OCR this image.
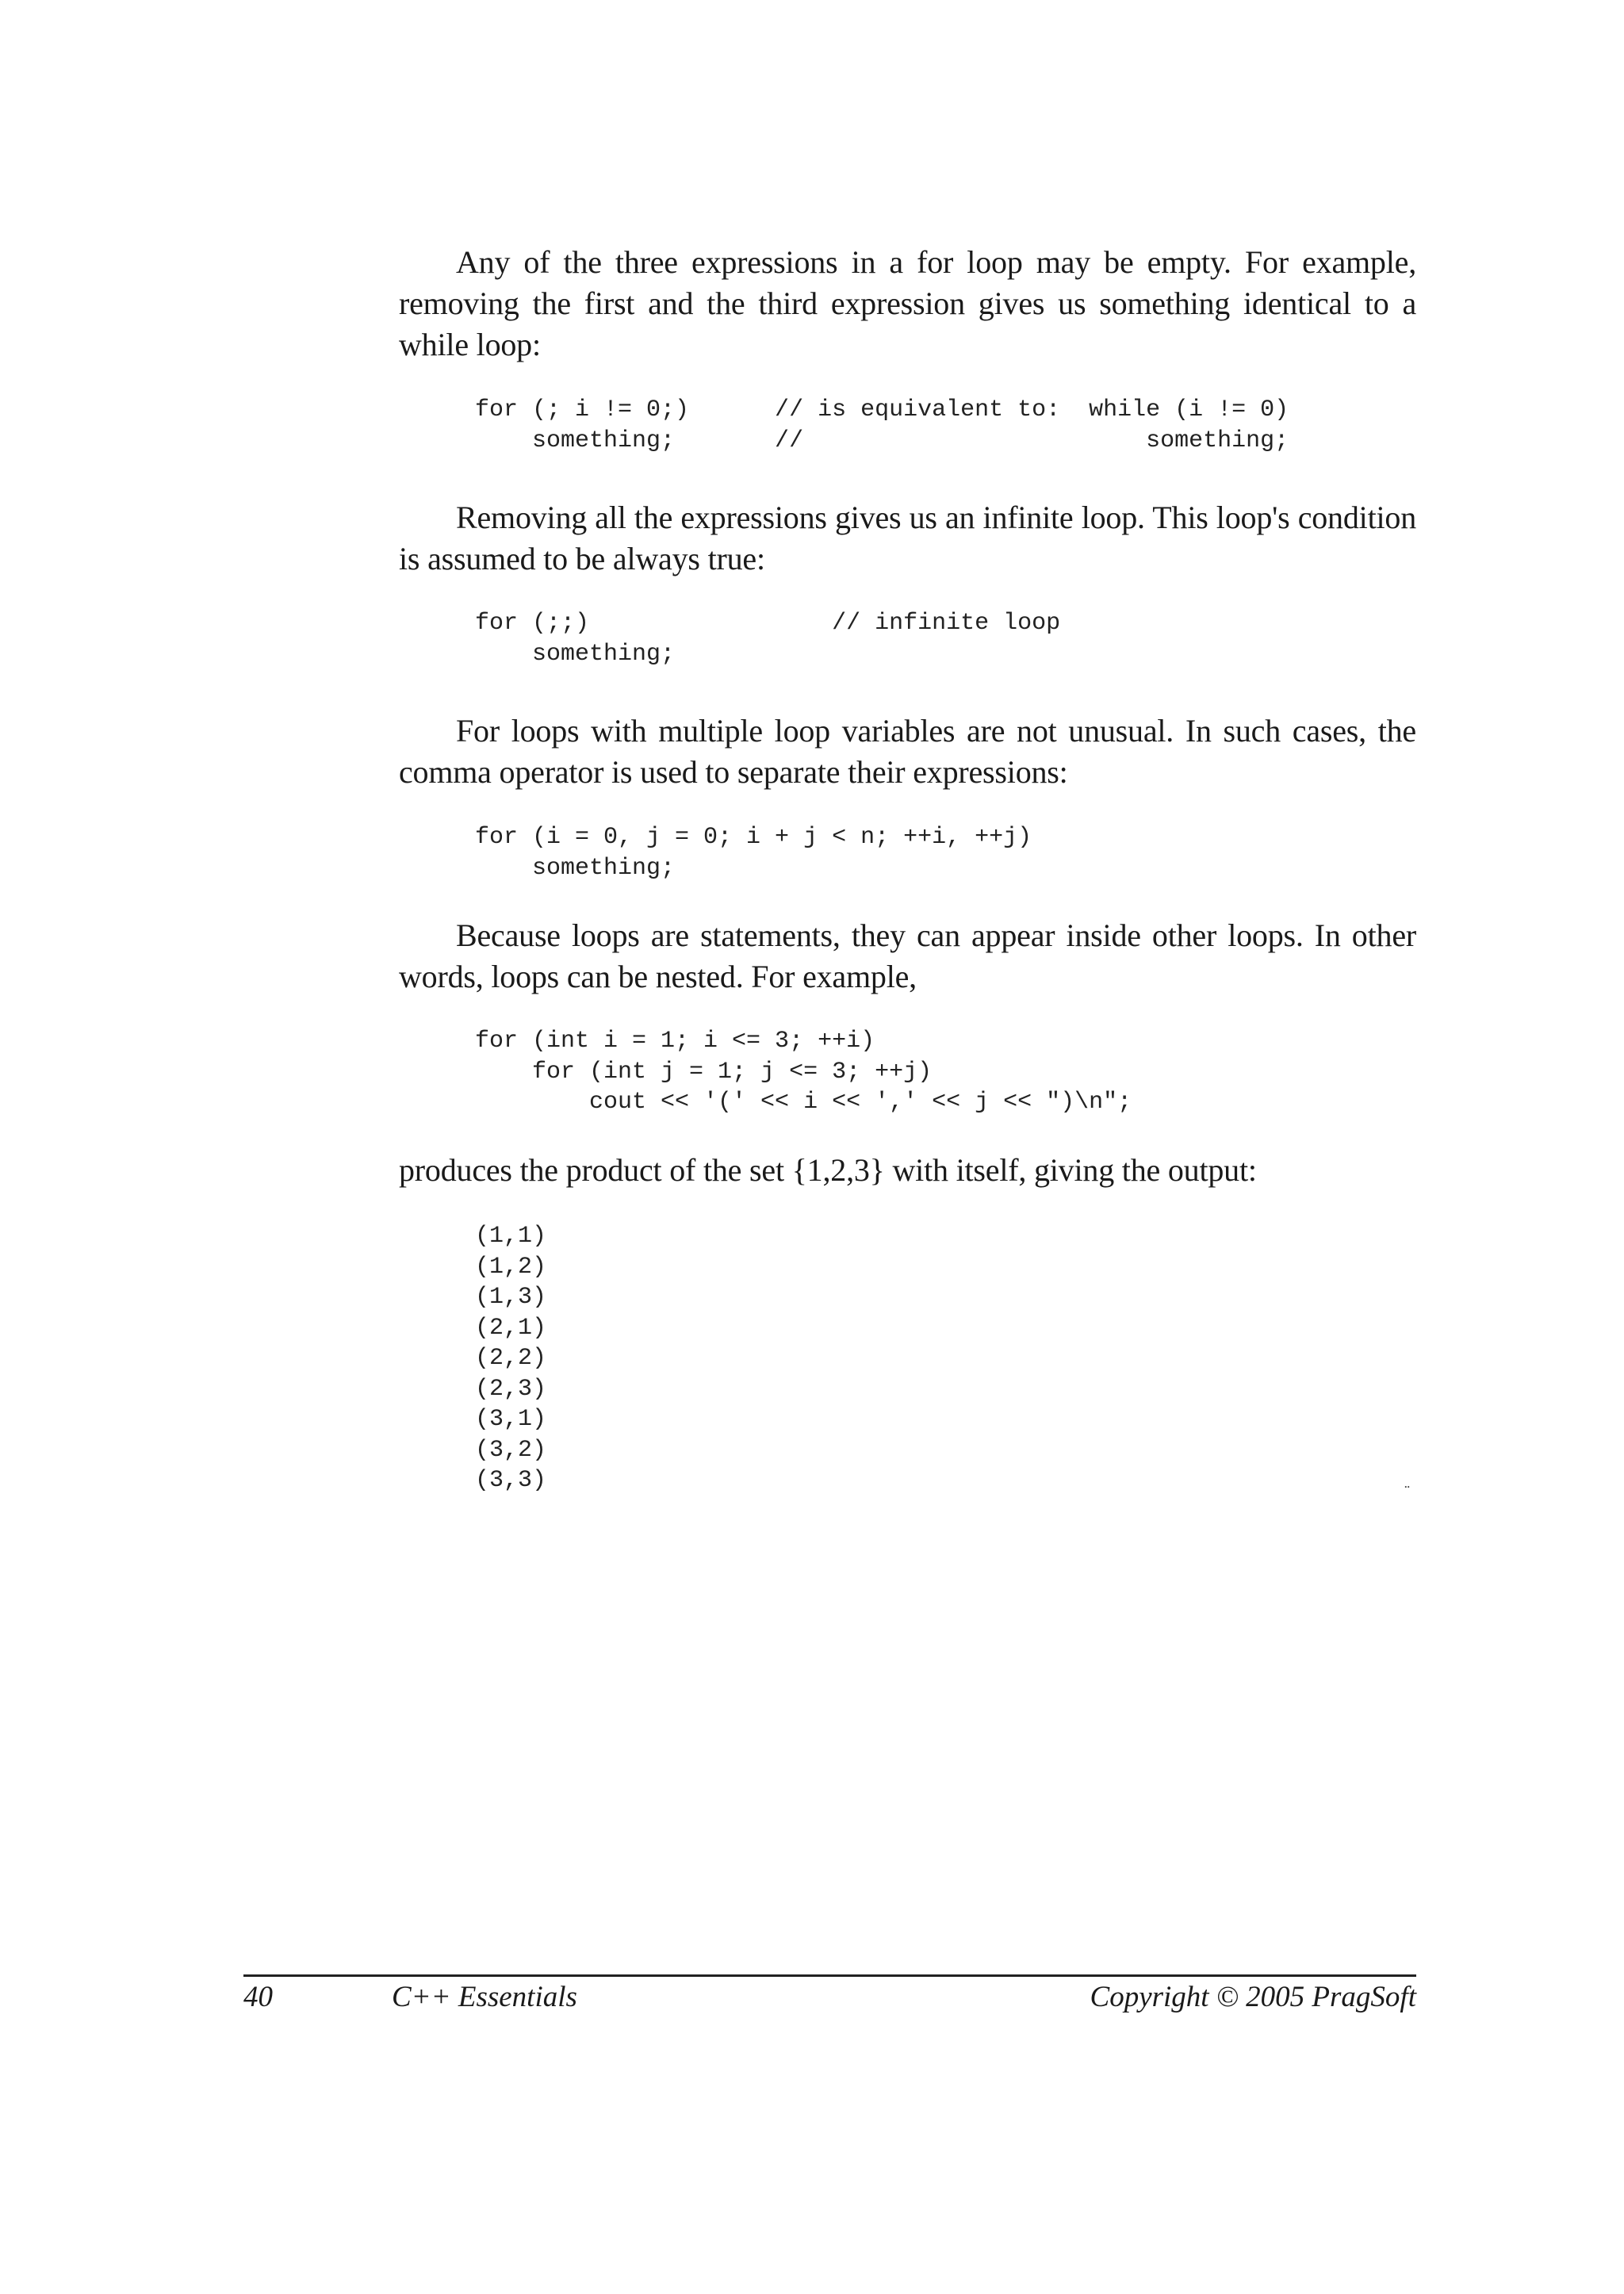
Any of the three expressions in a for loop may be empty. For example, removing the first and the third expression gives us something identical to a while loop:

for (; i != 0;)      // is equivalent to:  while (i != 0)
something;       //                        something;

Removing all the expressions gives us an infinite loop. This loop's condition is assumed to be always true:

for (;;)                 // infinite loop
something;

For loops with multiple loop variables are not unusual. In such cases, the comma operator is used to separate their expressions:

for (i = 0, j = 0; i + j < n; ++i, ++j)
something;

Because loops are statements, they can appear inside other loops. In other words, loops can be nested. For example,

for (int i = 1; i <= 3; ++i)
for (int j = 1; j <= 3; ++j)
cout << '(' << i << ',' << j << ")\n";

produces the product of the set {1,2,3} with itself, giving the output:

(1,1)
(1,2)
(1,3)
(2,1)
(2,2)
(2,3)
(3,1)
(3,2)
(3,3)	¨
40	C++ Essentials	Copyright © 2005 PragSoft
